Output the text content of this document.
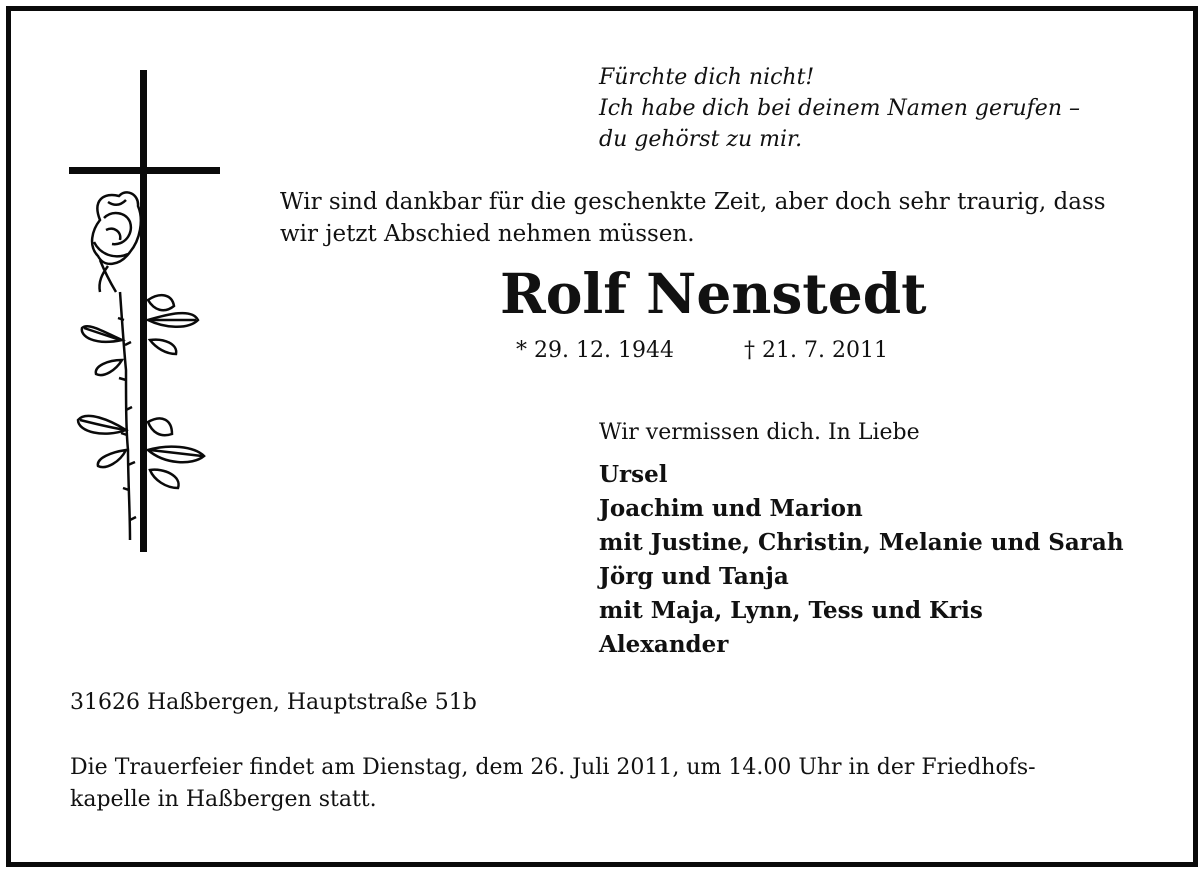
Fürchte dich nicht!
Ich habe dich bei deinem Namen gerufen –
du gehörst zu mir.
Wir sind dankbar für die geschenkte Zeit, aber doch sehr traurig, dass
wir jetzt Abschied nehmen müssen.
Rolf Nenstedt
* 29. 12. 1944	† 21. 7. 2011
Wir vermissen dich. In Liebe
Ursel
Joachim und Marion
mit Justine, Christin, Melanie und Sarah
Jörg und Tanja
mit Maja, Lynn, Tess und Kris
Alexander
31626 Haßbergen, Hauptstraße 51b
Die Trauerfeier findet am Dienstag, dem 26. Juli 2011, um 14.00 Uhr in der Friedhofs-
kapelle in Haßbergen statt.
